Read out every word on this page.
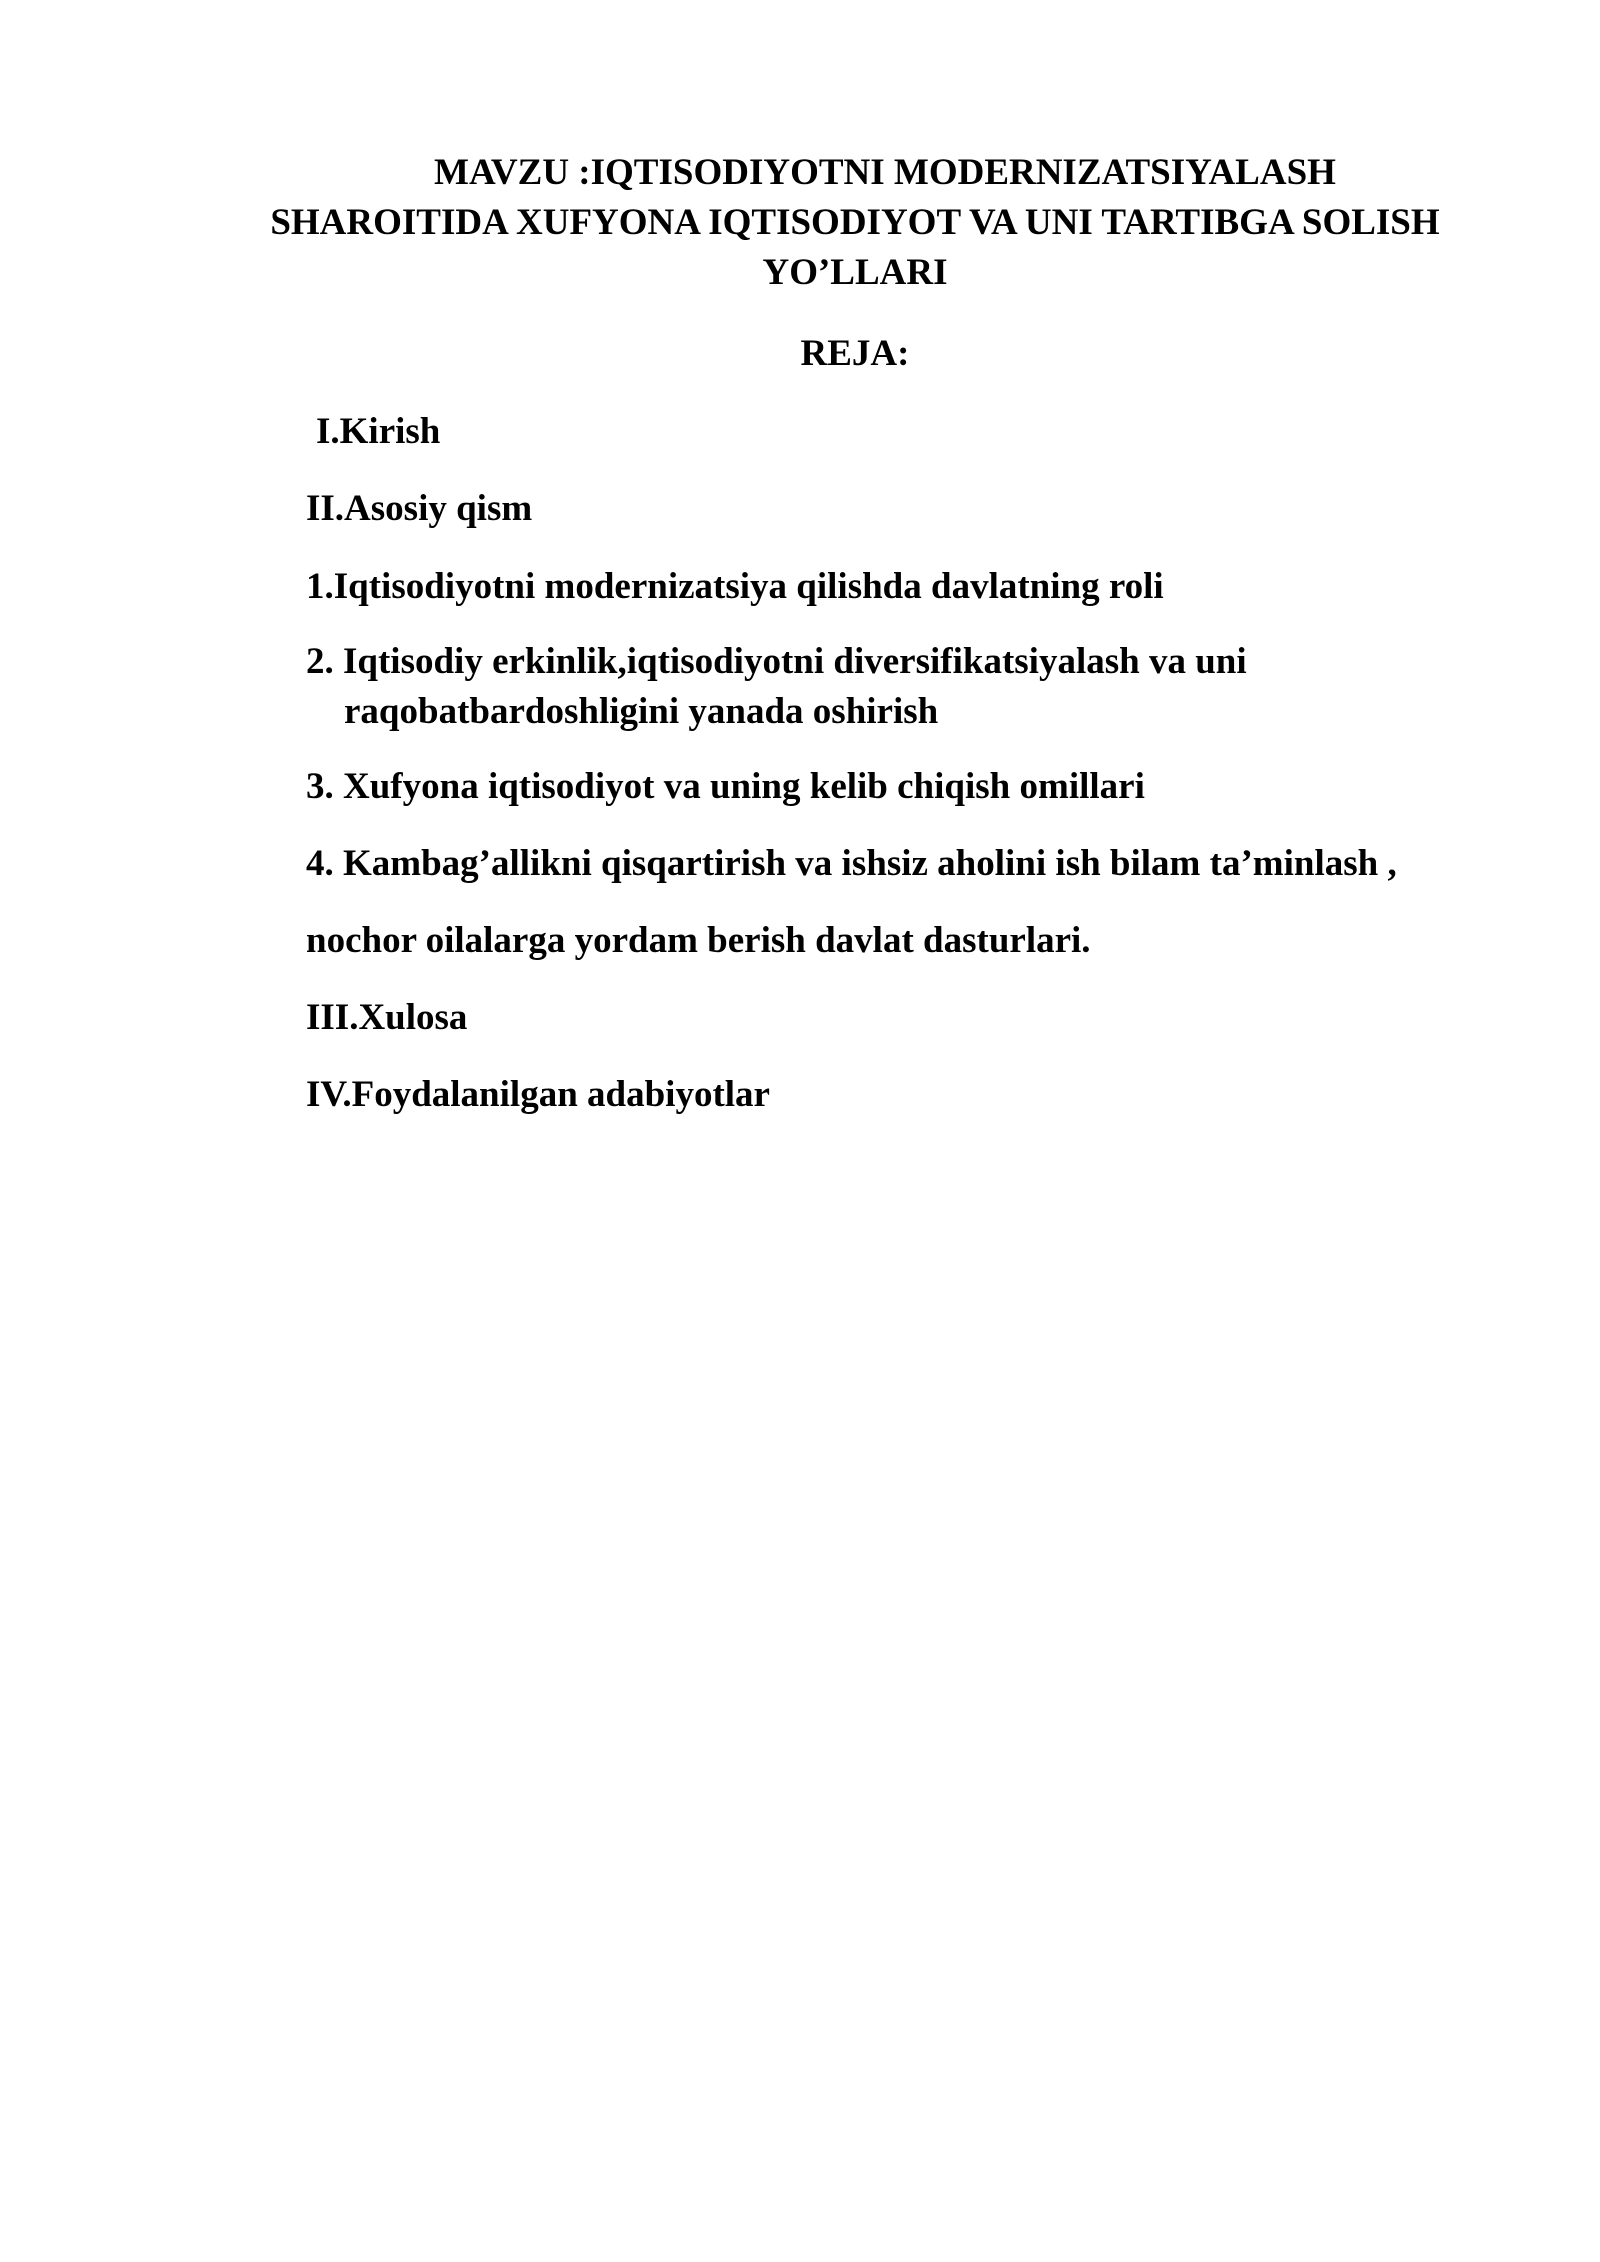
MAVZU :IQTISODIYOTNI MODERNIZATSIYALASH
SHAROITIDA XUFYONA IQTISODIYOT VA UNI TARTIBGA SOLISH
YO’LLARI
REJA:

I.Kirish

II.Asosiy qism

1.Iqtisodiyotni modernizatsiya qilishda davlatning roli

2. Iqtisodiy erkinlik,iqtisodiyotni diversifikatsiyalash va uni
raqobatbardoshligini yanada oshirish

3. Xufyona iqtisodiyot va uning kelib chiqish omillari

4. Kambag’allikni qisqartirish va ishsiz aholini ish bilam ta’minlash ,

nochor oilalarga yordam berish davlat dasturlari.

III.Xulosa

IV.Foydalanilgan adabiyotlar
